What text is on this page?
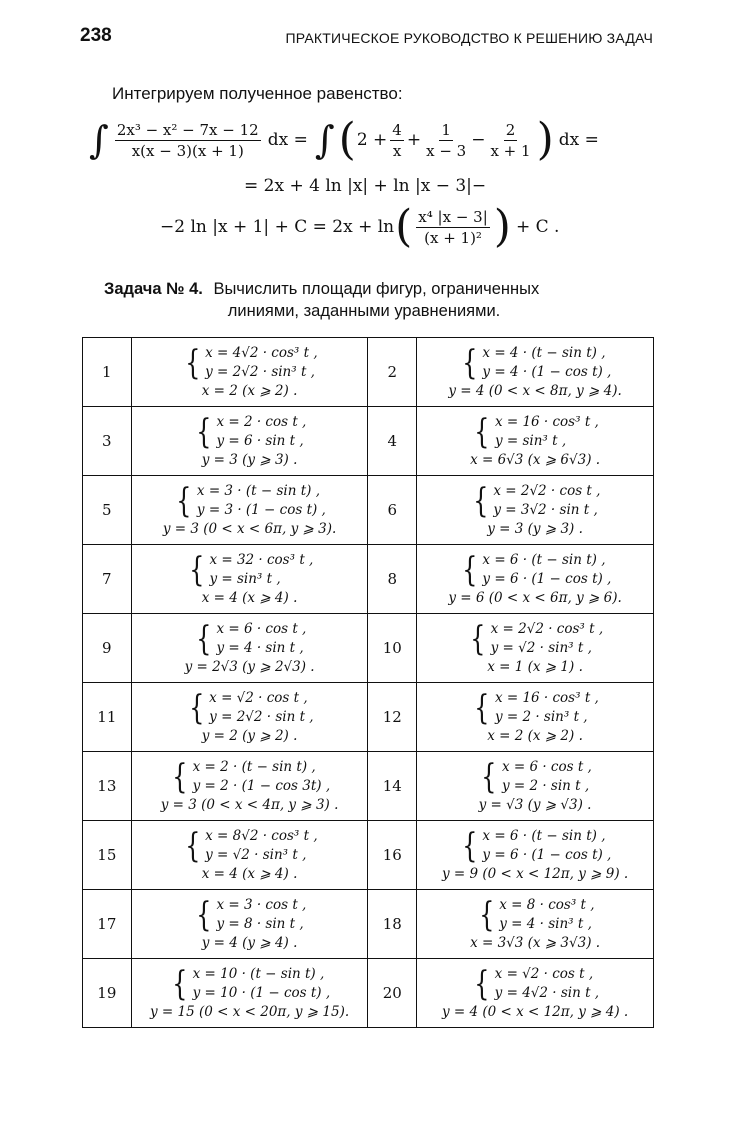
238	ПРАКТИЧЕСКОЕ РУКОВОДСТВО К РЕШЕНИЮ ЗАДАЧ
Интегрируем полученное равенство:
∫ $\frac{\text{2x³ − x² − 7x − 12}}{x(x - 3)(x + 1)}$ dx = ∫ ( $2 + \frac{4}{x} + \frac{1}{x - 3} - \frac{2}{x + 1}$ ) dx =
= 2x + 4 ln |x| + ln |x − 3|−
−2 ln |x + 1| + C = 2x + ln ( $\frac{\text{x⁴ |x − 3|}}{\text{(x + 1)²}}$ ) + C .
Задача № 4. Вычислить площади фигур, ограниченных
линиями, заданными уравнениями.
1	{ x = 4√2 · cos³ t ,
y = 2√2 · sin³ t ,
x = 2 (x ⩾ 2) .	2	{ x = 4 · (t − sin t) ,
y = 4 · (1 − cos t) ,
y = 4 (0 < x < 8π, y ⩾ 4).

3	{ x = 2 · cos t ,
y = 6 · sin t ,
y = 3 (y ⩾ 3) .	4	{ x = 16 · cos³ t ,
y = sin³ t ,
x = 6√3 (x ⩾ 6√3) .

5	{ x = 3 · (t − sin t) ,
y = 3 · (1 − cos t) ,
y = 3 (0 < x < 6π, y ⩾ 3).	6	{ x = 2√2 · cos t ,
y = 3√2 · sin t ,
y = 3 (y ⩾ 3) .

7	{ x = 32 · cos³ t ,
y = sin³ t ,
x = 4 (x ⩾ 4) .	8	{ x = 6 · (t − sin t) ,
y = 6 · (1 − cos t) ,
y = 6 (0 < x < 6π, y ⩾ 6).

9	{ x = 6 · cos t ,
y = 4 · sin t ,
y = 2√3 (y ⩾ 2√3) .	10	{ x = 2√2 · cos³ t ,
y = √2 · sin³ t ,
x = 1 (x ⩾ 1) .

11	{ x = √2 · cos t ,
y = 2√2 · sin t ,
y = 2 (y ⩾ 2) .	12	{ x = 16 · cos³ t ,
y = 2 · sin³ t ,
x = 2 (x ⩾ 2) .

13	{ x = 2 · (t − sin t) ,
y = 2 · (1 − cos 3t) ,
y = 3 (0 < x < 4π, y ⩾ 3) .	14	{ x = 6 · cos t ,
y = 2 · sin t ,
y = √3 (y ⩾ √3) .

15	{ x = 8√2 · cos³ t ,
y = √2 · sin³ t ,
x = 4 (x ⩾ 4) .	16	{ x = 6 · (t − sin t) ,
y = 6 · (1 − cos t) ,
y = 9 (0 < x < 12π, y ⩾ 9) .

17	{ x = 3 · cos t ,
y = 8 · sin t ,
y = 4 (y ⩾ 4) .	18	{ x = 8 · cos³ t ,
y = 4 · sin³ t ,
x = 3√3 (x ⩾ 3√3) .

19	{ x = 10 · (t − sin t) ,
y = 10 · (1 − cos t) ,
y = 15 (0 < x < 20π, y ⩾ 15).	20	{ x = √2 · cos t ,
y = 4√2 · sin t ,
y = 4 (0 < x < 12π, y ⩾ 4) .
